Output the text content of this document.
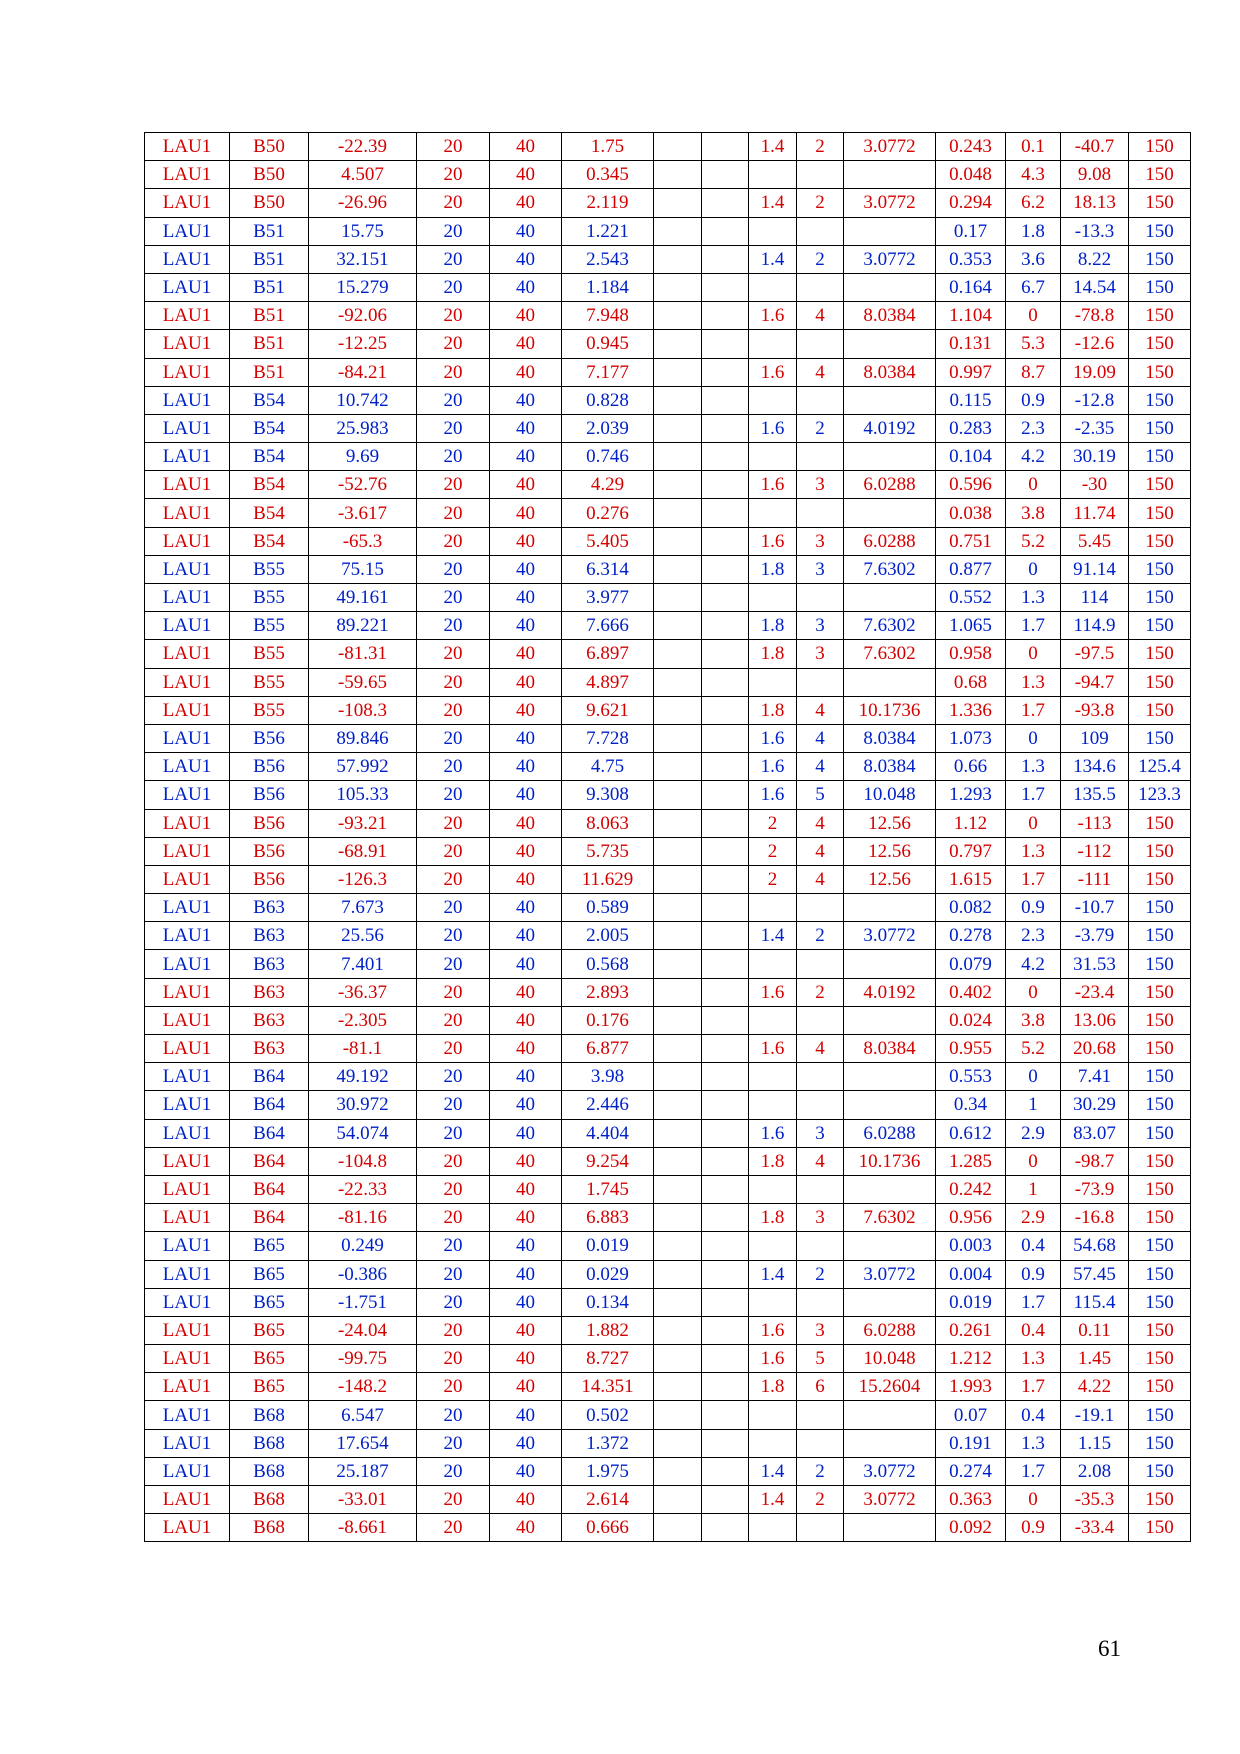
LAU1	B50	-22.39	20	40	1.75			1.4	2	3.0772	0.243	0.1	-40.7	150
LAU1	B50	4.507	20	40	0.345						0.048	4.3	9.08	150
LAU1	B50	-26.96	20	40	2.119			1.4	2	3.0772	0.294	6.2	18.13	150
LAU1	B51	15.75	20	40	1.221						0.17	1.8	-13.3	150
LAU1	B51	32.151	20	40	2.543			1.4	2	3.0772	0.353	3.6	8.22	150
LAU1	B51	15.279	20	40	1.184						0.164	6.7	14.54	150
LAU1	B51	-92.06	20	40	7.948			1.6	4	8.0384	1.104	0	-78.8	150
LAU1	B51	-12.25	20	40	0.945						0.131	5.3	-12.6	150
LAU1	B51	-84.21	20	40	7.177			1.6	4	8.0384	0.997	8.7	19.09	150
LAU1	B54	10.742	20	40	0.828						0.115	0.9	-12.8	150
LAU1	B54	25.983	20	40	2.039			1.6	2	4.0192	0.283	2.3	-2.35	150
LAU1	B54	9.69	20	40	0.746						0.104	4.2	30.19	150
LAU1	B54	-52.76	20	40	4.29			1.6	3	6.0288	0.596	0	-30	150
LAU1	B54	-3.617	20	40	0.276						0.038	3.8	11.74	150
LAU1	B54	-65.3	20	40	5.405			1.6	3	6.0288	0.751	5.2	5.45	150
LAU1	B55	75.15	20	40	6.314			1.8	3	7.6302	0.877	0	91.14	150
LAU1	B55	49.161	20	40	3.977						0.552	1.3	114	150
LAU1	B55	89.221	20	40	7.666			1.8	3	7.6302	1.065	1.7	114.9	150
LAU1	B55	-81.31	20	40	6.897			1.8	3	7.6302	0.958	0	-97.5	150
LAU1	B55	-59.65	20	40	4.897						0.68	1.3	-94.7	150
LAU1	B55	-108.3	20	40	9.621			1.8	4	10.1736	1.336	1.7	-93.8	150
LAU1	B56	89.846	20	40	7.728			1.6	4	8.0384	1.073	0	109	150
LAU1	B56	57.992	20	40	4.75			1.6	4	8.0384	0.66	1.3	134.6	125.4
LAU1	B56	105.33	20	40	9.308			1.6	5	10.048	1.293	1.7	135.5	123.3
LAU1	B56	-93.21	20	40	8.063			2	4	12.56	1.12	0	-113	150
LAU1	B56	-68.91	20	40	5.735			2	4	12.56	0.797	1.3	-112	150
LAU1	B56	-126.3	20	40	11.629			2	4	12.56	1.615	1.7	-111	150
LAU1	B63	7.673	20	40	0.589						0.082	0.9	-10.7	150
LAU1	B63	25.56	20	40	2.005			1.4	2	3.0772	0.278	2.3	-3.79	150
LAU1	B63	7.401	20	40	0.568						0.079	4.2	31.53	150
LAU1	B63	-36.37	20	40	2.893			1.6	2	4.0192	0.402	0	-23.4	150
LAU1	B63	-2.305	20	40	0.176						0.024	3.8	13.06	150
LAU1	B63	-81.1	20	40	6.877			1.6	4	8.0384	0.955	5.2	20.68	150
LAU1	B64	49.192	20	40	3.98						0.553	0	7.41	150
LAU1	B64	30.972	20	40	2.446						0.34	1	30.29	150
LAU1	B64	54.074	20	40	4.404			1.6	3	6.0288	0.612	2.9	83.07	150
LAU1	B64	-104.8	20	40	9.254			1.8	4	10.1736	1.285	0	-98.7	150
LAU1	B64	-22.33	20	40	1.745						0.242	1	-73.9	150
LAU1	B64	-81.16	20	40	6.883			1.8	3	7.6302	0.956	2.9	-16.8	150
LAU1	B65	0.249	20	40	0.019						0.003	0.4	54.68	150
LAU1	B65	-0.386	20	40	0.029			1.4	2	3.0772	0.004	0.9	57.45	150
LAU1	B65	-1.751	20	40	0.134						0.019	1.7	115.4	150
LAU1	B65	-24.04	20	40	1.882			1.6	3	6.0288	0.261	0.4	0.11	150
LAU1	B65	-99.75	20	40	8.727			1.6	5	10.048	1.212	1.3	1.45	150
LAU1	B65	-148.2	20	40	14.351			1.8	6	15.2604	1.993	1.7	4.22	150
LAU1	B68	6.547	20	40	0.502						0.07	0.4	-19.1	150
LAU1	B68	17.654	20	40	1.372						0.191	1.3	1.15	150
LAU1	B68	25.187	20	40	1.975			1.4	2	3.0772	0.274	1.7	2.08	150
LAU1	B68	-33.01	20	40	2.614			1.4	2	3.0772	0.363	0	-35.3	150
LAU1	B68	-8.661	20	40	0.666						0.092	0.9	-33.4	150
61
